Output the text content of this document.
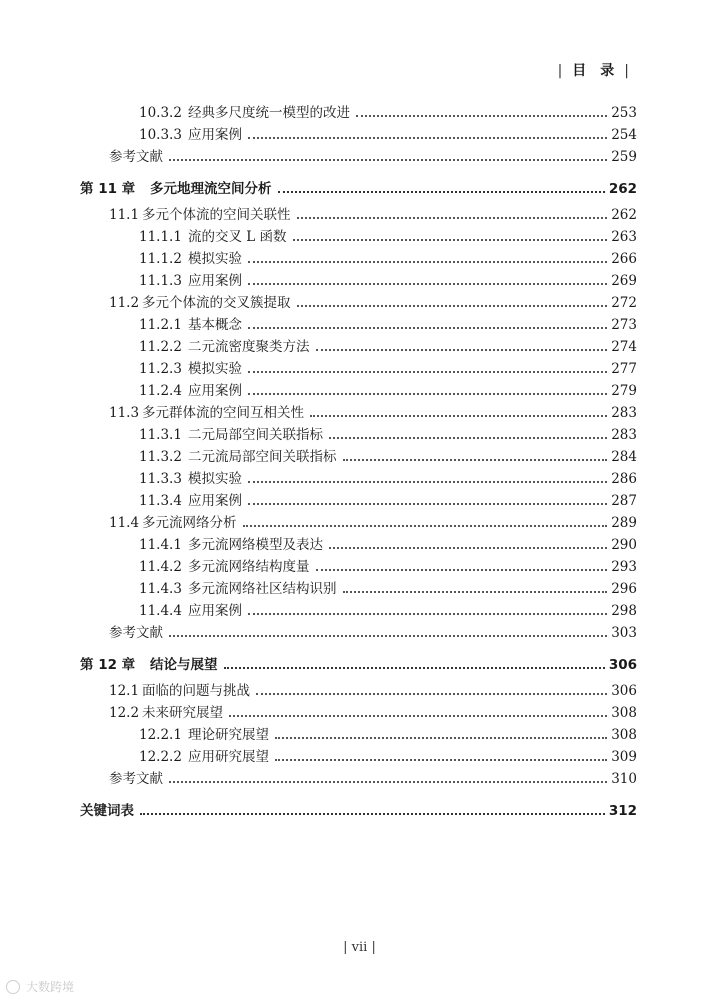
| 目　录 |
10.3.2 经典多尺度统一模型的改进	253
10.3.3 应用案例	254
参考文献	259
第 11 章	多元地理流空间分析	262
11.1 多元个体流的空间关联性	262
11.1.1 流的交叉 L 函数	263
11.1.2 模拟实验	266
11.1.3 应用案例	269
11.2 多元个体流的交叉簇提取	272
11.2.1 基本概念	273
11.2.2 二元流密度聚类方法	274
11.2.3 模拟实验	277
11.2.4 应用案例	279
11.3 多元群体流的空间互相关性	283
11.3.1 二元局部空间关联指标	283
11.3.2 二元流局部空间关联指标	284
11.3.3 模拟实验	286
11.3.4 应用案例	287
11.4 多元流网络分析	289
11.4.1 多元流网络模型及表达	290
11.4.2 多元流网络结构度量	293
11.4.3 多元流网络社区结构识别	296
11.4.4 应用案例	298
参考文献	303
第 12 章	结论与展望	306
12.1 面临的问题与挑战	306
12.2 未来研究展望	308
12.2.1 理论研究展望	308
12.2.2 应用研究展望	309
参考文献	310
关键词表	312
| vii |
大数跨境
